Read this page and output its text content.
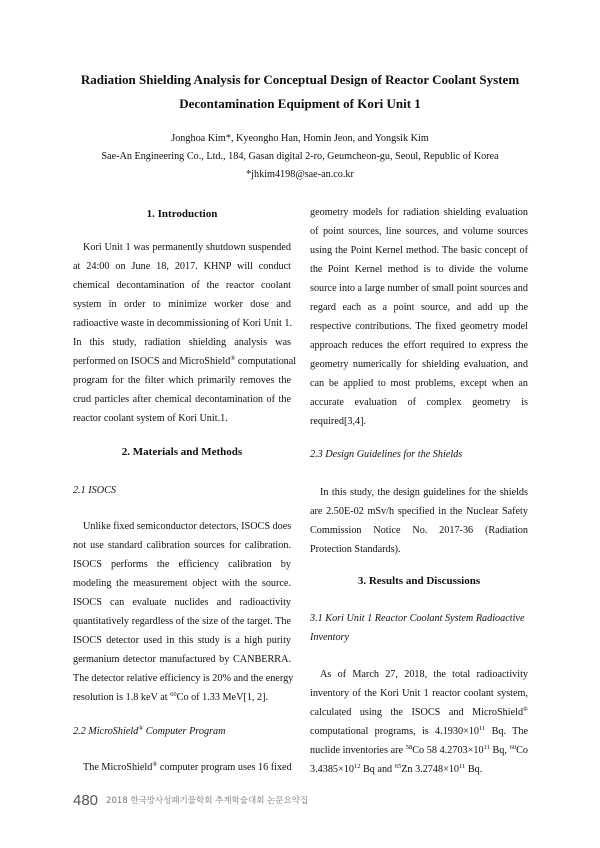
Radiation Shielding Analysis for Conceptual Design of Reactor Coolant System
Decontamination Equipment of Kori Unit 1

Jonghoa Kim*, Kyeongho Han, Homin Jeon, and Yongsik Kim

Sae-An Engineering Co., Ltd., 184, Gasan digital 2-ro, Geumcheon-gu, Seoul, Republic of Korea

*jhkim4198@sae-an.co.kr

1. Introduction
Kori Unit 1 was permanently shutdown suspended
at 24:00 on June 18, 2017. KHNP will conduct
chemical decontamination of the reactor coolant
system in order to minimize worker dose and
radioactive waste in decommissioning of Kori Unit 1.
In this study, radiation shielding analysis was
performed on ISOCS and MicroShield® computational
program for the filter which primarily removes the
crud particles after chemical decontamination of the
reactor coolant system of Kori Unit.1.
2. Materials and Methods
2.1 ISOCS
Unlike fixed semiconductor detectors, ISOCS does
not use standard calibration sources for calibration.
ISOCS performs the efficiency calibration by
modeling the measurement object with the source.
ISOCS can evaluate nuclides and radioactivity
quantitatively regardless of the size of the target. The
ISOCS detector used in this study is a high purity
germanium detector manufactured by CANBERRA.
The detector relative efficiency is 20% and the energy
resolution is 1.8 keV at $^{60}$Co of 1.33 MeV[1, 2].
2.2 MicroShield® Computer Program
The MicroShield® computer program uses 16 fixed
geometry models for radiation shielding evaluation
of point sources, line sources, and volume sources
using the Point Kernel method. The basic concept of
the Point Kernel method is to divide the volume
source into a large number of small point sources and
regard each as a point source, and add up the
respective contributions. The fixed geometry model
approach reduces the effort required to express the
geometry numerically for shielding evaluation, and
can be applied to most problems, except when an
accurate evaluation of complex geometry is
required[3,4].
2.3 Design Guidelines for the Shields
In this study, the design guidelines for the shields
are 2.50E-02 mSv/h specified in the Nuclear Safety
Commission Notice No. 2017-36 (Radiation
Protection Standards).
3. Results and Discussions
3.1 Kori Unit 1 Reactor Coolant System Radioactive
Inventory
As of March 27, 2018, the total radioactivity
inventory of the Kori Unit 1 reactor coolant system,
calculated using the ISOCS and MicroShield®
computational programs, is $4.1930\times 10^{11}$ Bq. The
nuclide inventories are $^{58}$Co 58 $4.2703\times 10^{11}$ Bq, $^{60}$Co
$3.4385\times 10^{12}$ Bq and $^{65}$Zn $3.2748\times 10^{11}$ Bq.
480 2018 한국방사성폐기물학회 추계학술대회 논문요약집
